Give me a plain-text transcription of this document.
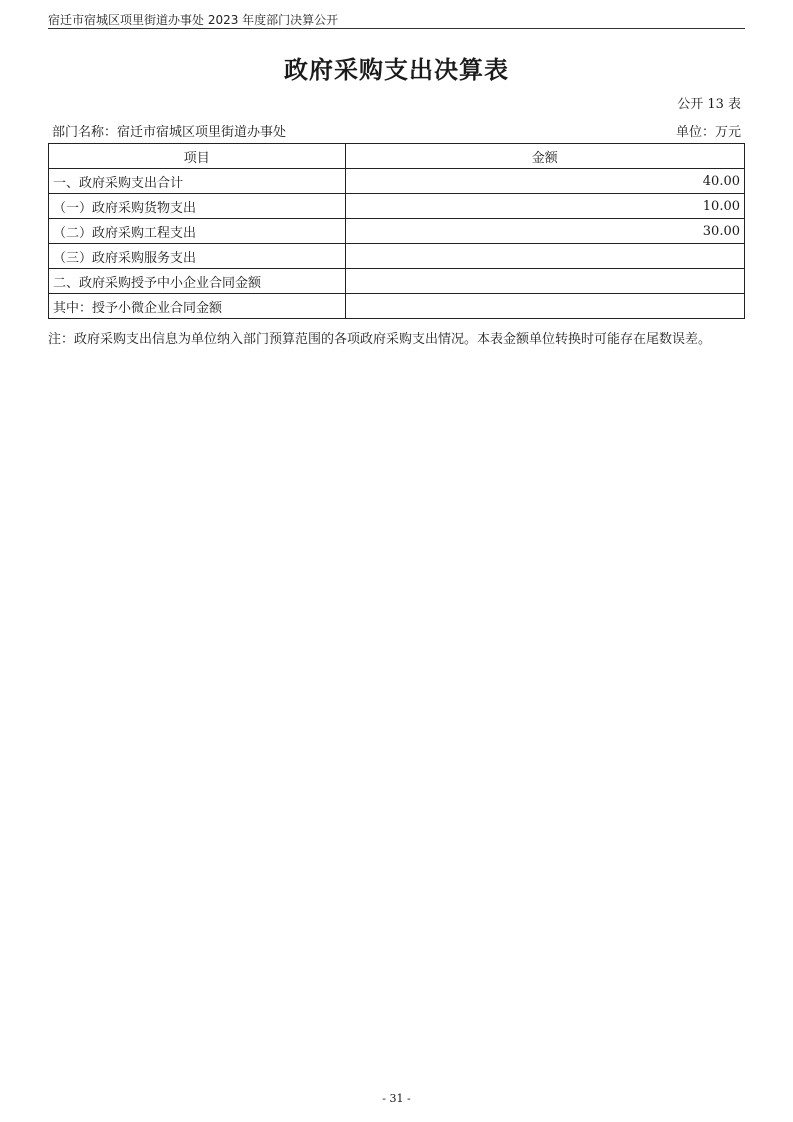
宿迁市宿城区项里街道办事处 2023 年度部门决算公开
政府采购支出决算表
公开 13 表
部门名称：宿迁市宿城区项里街道办事处	单位：万元
项目	金额
一、政府采购支出合计	40.00
（一）政府采购货物支出	10.00
（二）政府采购工程支出	30.00
（三）政府采购服务支出	
二、政府采购授予中小企业合同金额	
其中：授予小微企业合同金额	
注：政府采购支出信息为单位纳入部门预算范围的各项政府采购支出情况。本表金额单位转换时可能存在尾数误差。
- 31 -
